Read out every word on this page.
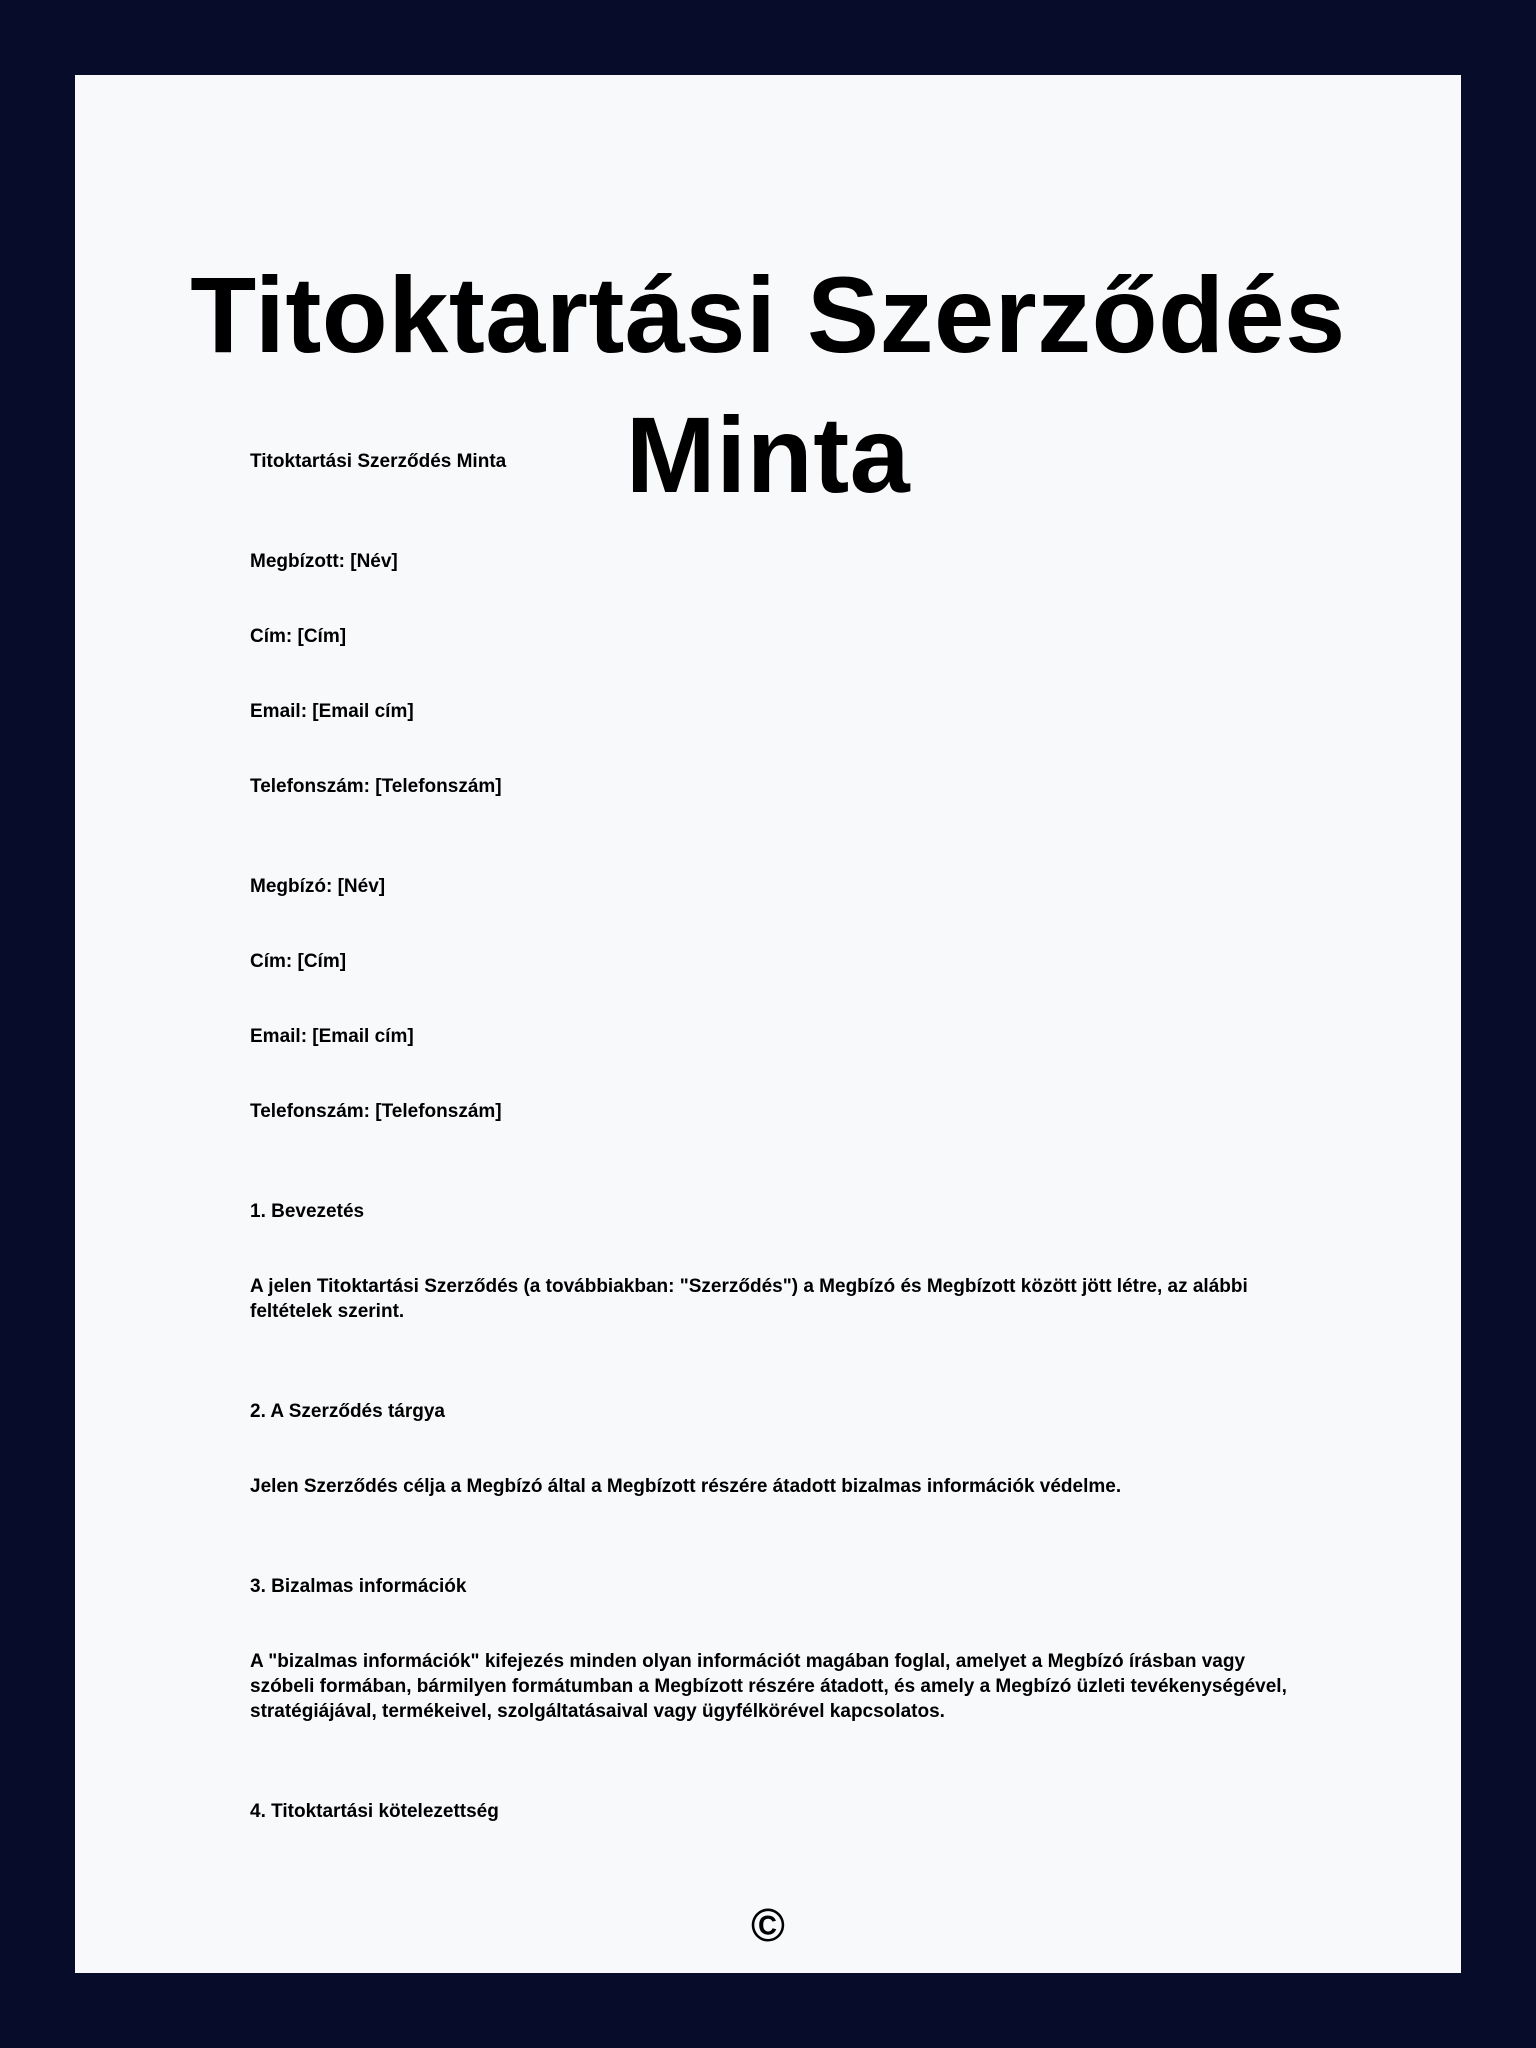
Titoktartási Szerződés Minta

Titoktartási Szerződés Minta

Megbízott: [Név]

Cím: [Cím]

Email: [Email cím]

Telefonszám: [Telefonszám]

Megbízó: [Név]

Cím: [Cím]

Email: [Email cím]

Telefonszám: [Telefonszám]

1. Bevezetés

A jelen Titoktartási Szerződés (a továbbiakban: "Szerződés") a Megbízó és Megbízott között jött létre, az alábbi feltételek szerint.

2. A Szerződés tárgya

Jelen Szerződés célja a Megbízó által a Megbízott részére átadott bizalmas információk védelme.

3. Bizalmas információk

A "bizalmas információk" kifejezés minden olyan információt magában foglal, amelyet a Megbízó írásban vagy szóbeli formában, bármilyen formátumban a Megbízott részére átadott, és amely a Megbízó üzleti tevékenységével, stratégiájával, termékeivel, szolgáltatásaival vagy ügyfélkörével kapcsolatos.

4. Titoktartási kötelezettség

©
